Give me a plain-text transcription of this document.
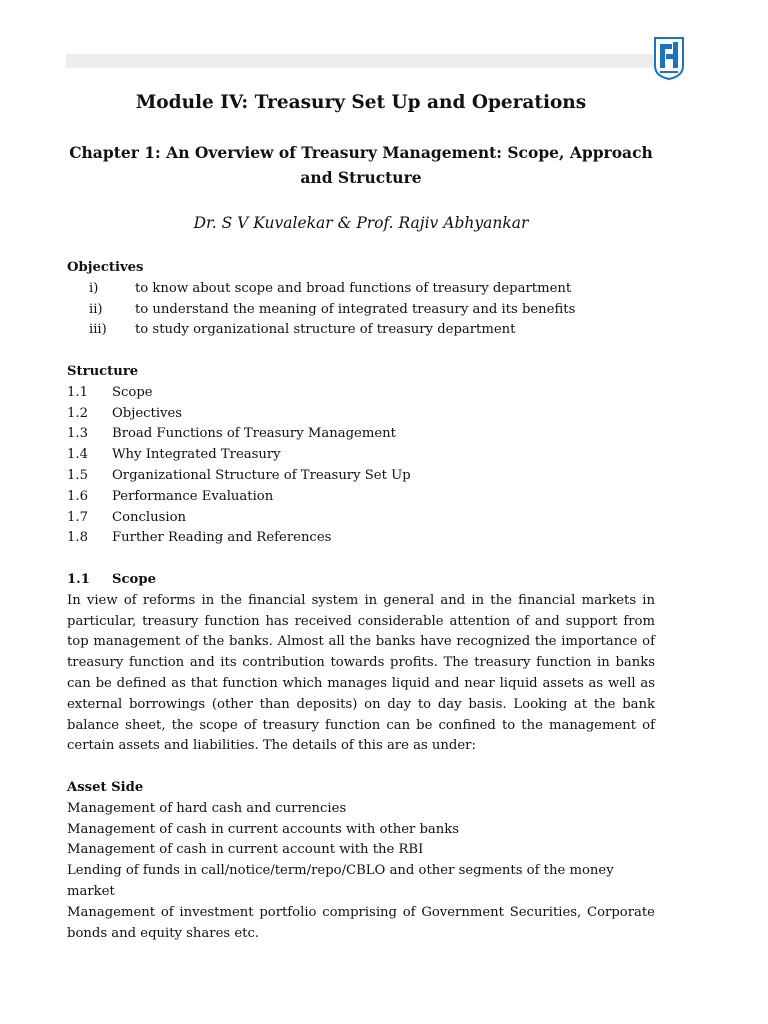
Module IV: Treasury Set Up and Operations
Chapter 1: An Overview of Treasury Management: Scope, Approach and Structure
Dr. S V Kuvalekar & Prof. Rajiv Abhyankar
Objectives
i)	to know about scope and broad functions of treasury department
ii)	to understand the meaning of integrated treasury and its benefits
iii)	to study organizational structure of treasury department
Structure
1.1	Scope
1.2	Objectives
1.3	Broad Functions of Treasury Management
1.4	Why Integrated Treasury
1.5	Organizational Structure of Treasury Set Up
1.6	Performance Evaluation
1.7	Conclusion
1.8	Further Reading and References
1.1	Scope
In view of reforms in the financial system in general and in the financial markets in particular, treasury function has received considerable attention of and support from top management of the banks. Almost all the banks have recognized the importance of treasury function and its contribution towards profits. The treasury function in banks can be defined as that function which manages liquid and near liquid assets as well as external borrowings (other than deposits) on day to day basis. Looking at the bank balance sheet, the scope of treasury function can be confined to the management of certain assets and liabilities. The details of this are as under:
Asset Side
Management of hard cash and currencies
Management of cash in current accounts with other banks
Management of cash in current account with the RBI
Lending of funds in call/notice/term/repo/CBLO and other segments of the money market
Management of investment portfolio comprising of Government Securities, Corporate bonds and equity shares etc.
